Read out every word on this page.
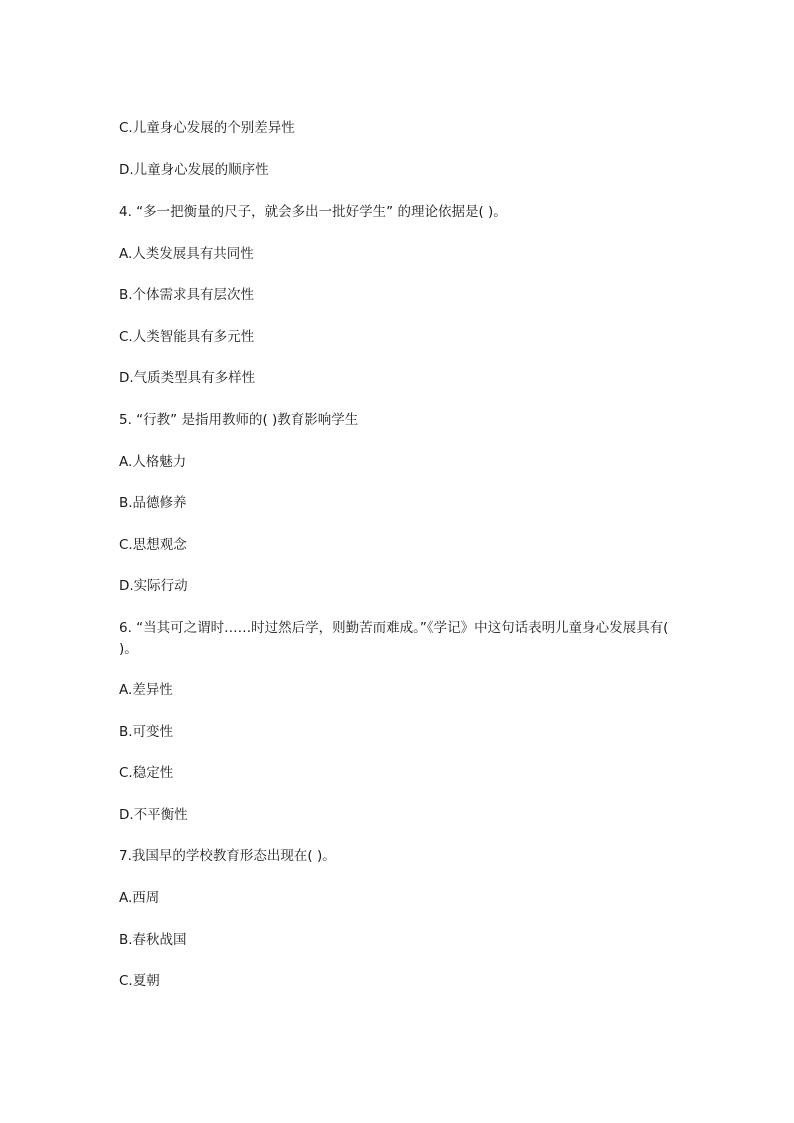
C.儿童身心发展的个别差异性
D.儿童身心发展的顺序性
4. “多一把衡量的尺子，就会多出一批好学生” 的理论依据是( )。
A.人类发展具有共同性
B.个体需求具有层次性
C.人类智能具有多元性
D.气质类型具有多样性
5. “行教” 是指用教师的( )教育影响学生
A.人格魅力
B.品德修养
C.思想观念
D.实际行动
6. “当其可之谓时……时过然后学，则勤苦而难成。”《学记》中这句话表明儿童身心发展具有( )。
A.差异性
B.可变性
C.稳定性
D.不平衡性
7.我国早的学校教育形态出现在( )。
A.西周
B.春秋战国
C.夏朝
